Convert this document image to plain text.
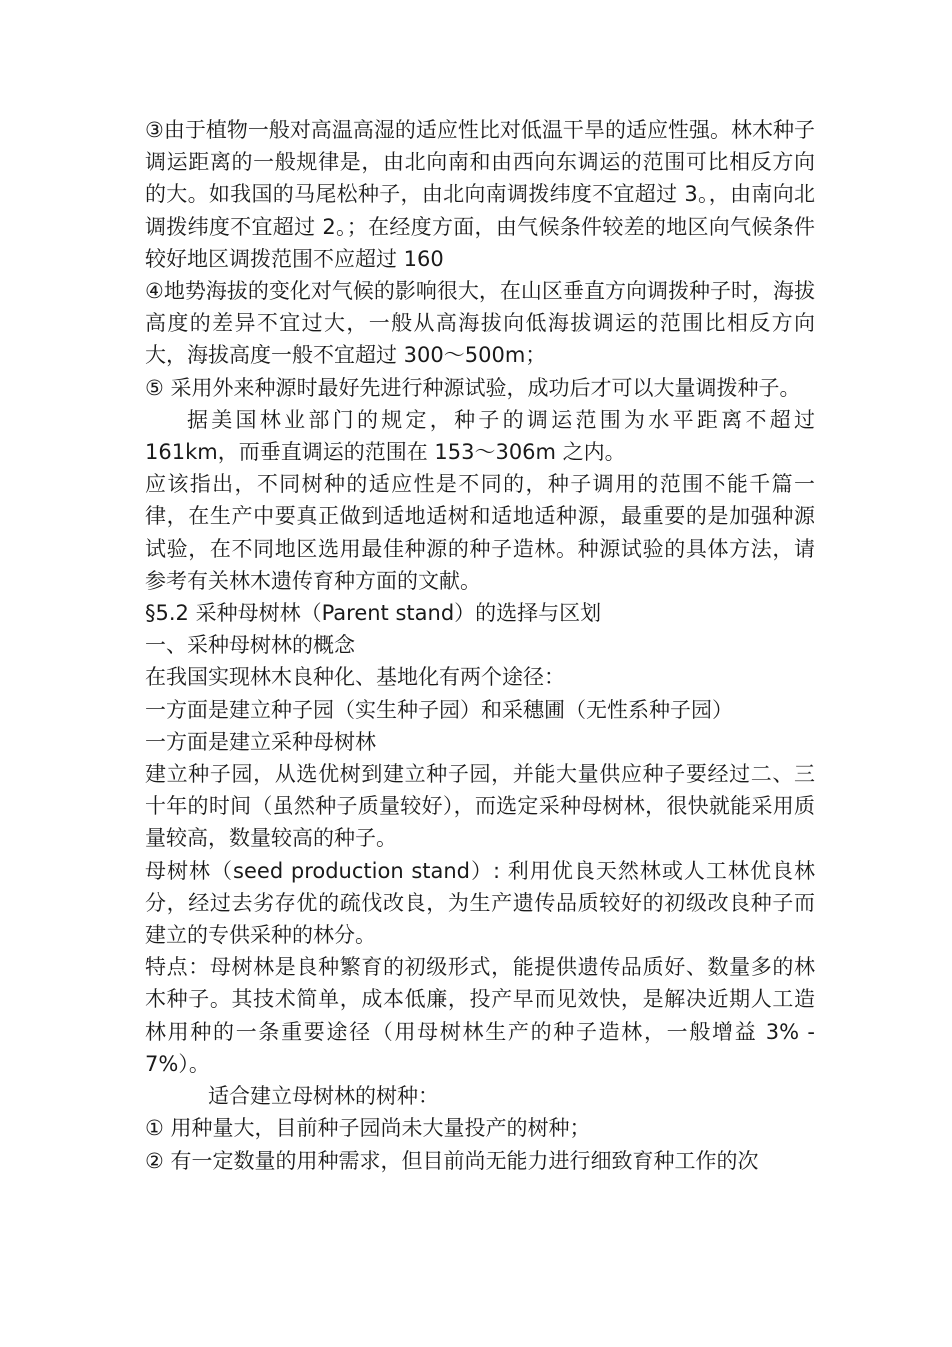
③由于植物一般对高温高湿的适应性比对低温干旱的适应性强。林木种子调运距离的一般规律是，由北向南和由西向东调运的范围可比相反方向的大。如我国的马尾松种子，由北向南调拨纬度不宜超过 3。，由南向北调拨纬度不宜超过 2。；在经度方面，由气候条件较差的地区向气候条件较好地区调拨范围不应超过 160

④地势海拔的变化对气候的影响很大，在山区垂直方向调拨种子时，海拔高度的差异不宜过大，一般从高海拔向低海拔调运的范围比相反方向大，海拔高度一般不宜超过 300～500m；

⑤ 采用外来种源时最好先进行种源试验，成功后才可以大量调拨种子。

据美国林业部门的规定，种子的调运范围为水平距离不超过 161km，而垂直调运的范围在 153～306m 之内。

应该指出，不同树种的适应性是不同的，种子调用的范围不能千篇一律，在生产中要真正做到适地适树和适地适种源，最重要的是加强种源试验，在不同地区选用最佳种源的种子造林。种源试验的具体方法，请参考有关林木遗传育种方面的文献。

§5.2 采种母树林（Parent stand）的选择与区划

一、采种母树林的概念

在我国实现林木良种化、基地化有两个途径：

一方面是建立种子园（实生种子园）和采穗圃（无性系种子园）

一方面是建立采种母树林

建立种子园，从选优树到建立种子园，并能大量供应种子要经过二、三十年的时间（虽然种子质量较好），而选定采种母树林，很快就能采用质量较高，数量较高的种子。

母树林（seed production stand）: 利用优良天然林或人工林优良林分，经过去劣存优的疏伐改良，为生产遗传品质较好的初级改良种子而建立的专供采种的林分。

特点：母树林是良种繁育的初级形式，能提供遗传品质好、数量多的林木种子。其技术简单，成本低廉，投产早而见效快，是解决近期人工造林用种的一条重要途径（用母树林生产的种子造林，一般增益 3% - 7%）。

适合建立母树林的树种：

① 用种量大，目前种子园尚未大量投产的树种；

② 有一定数量的用种需求，但目前尚无能力进行细致育种工作的次
